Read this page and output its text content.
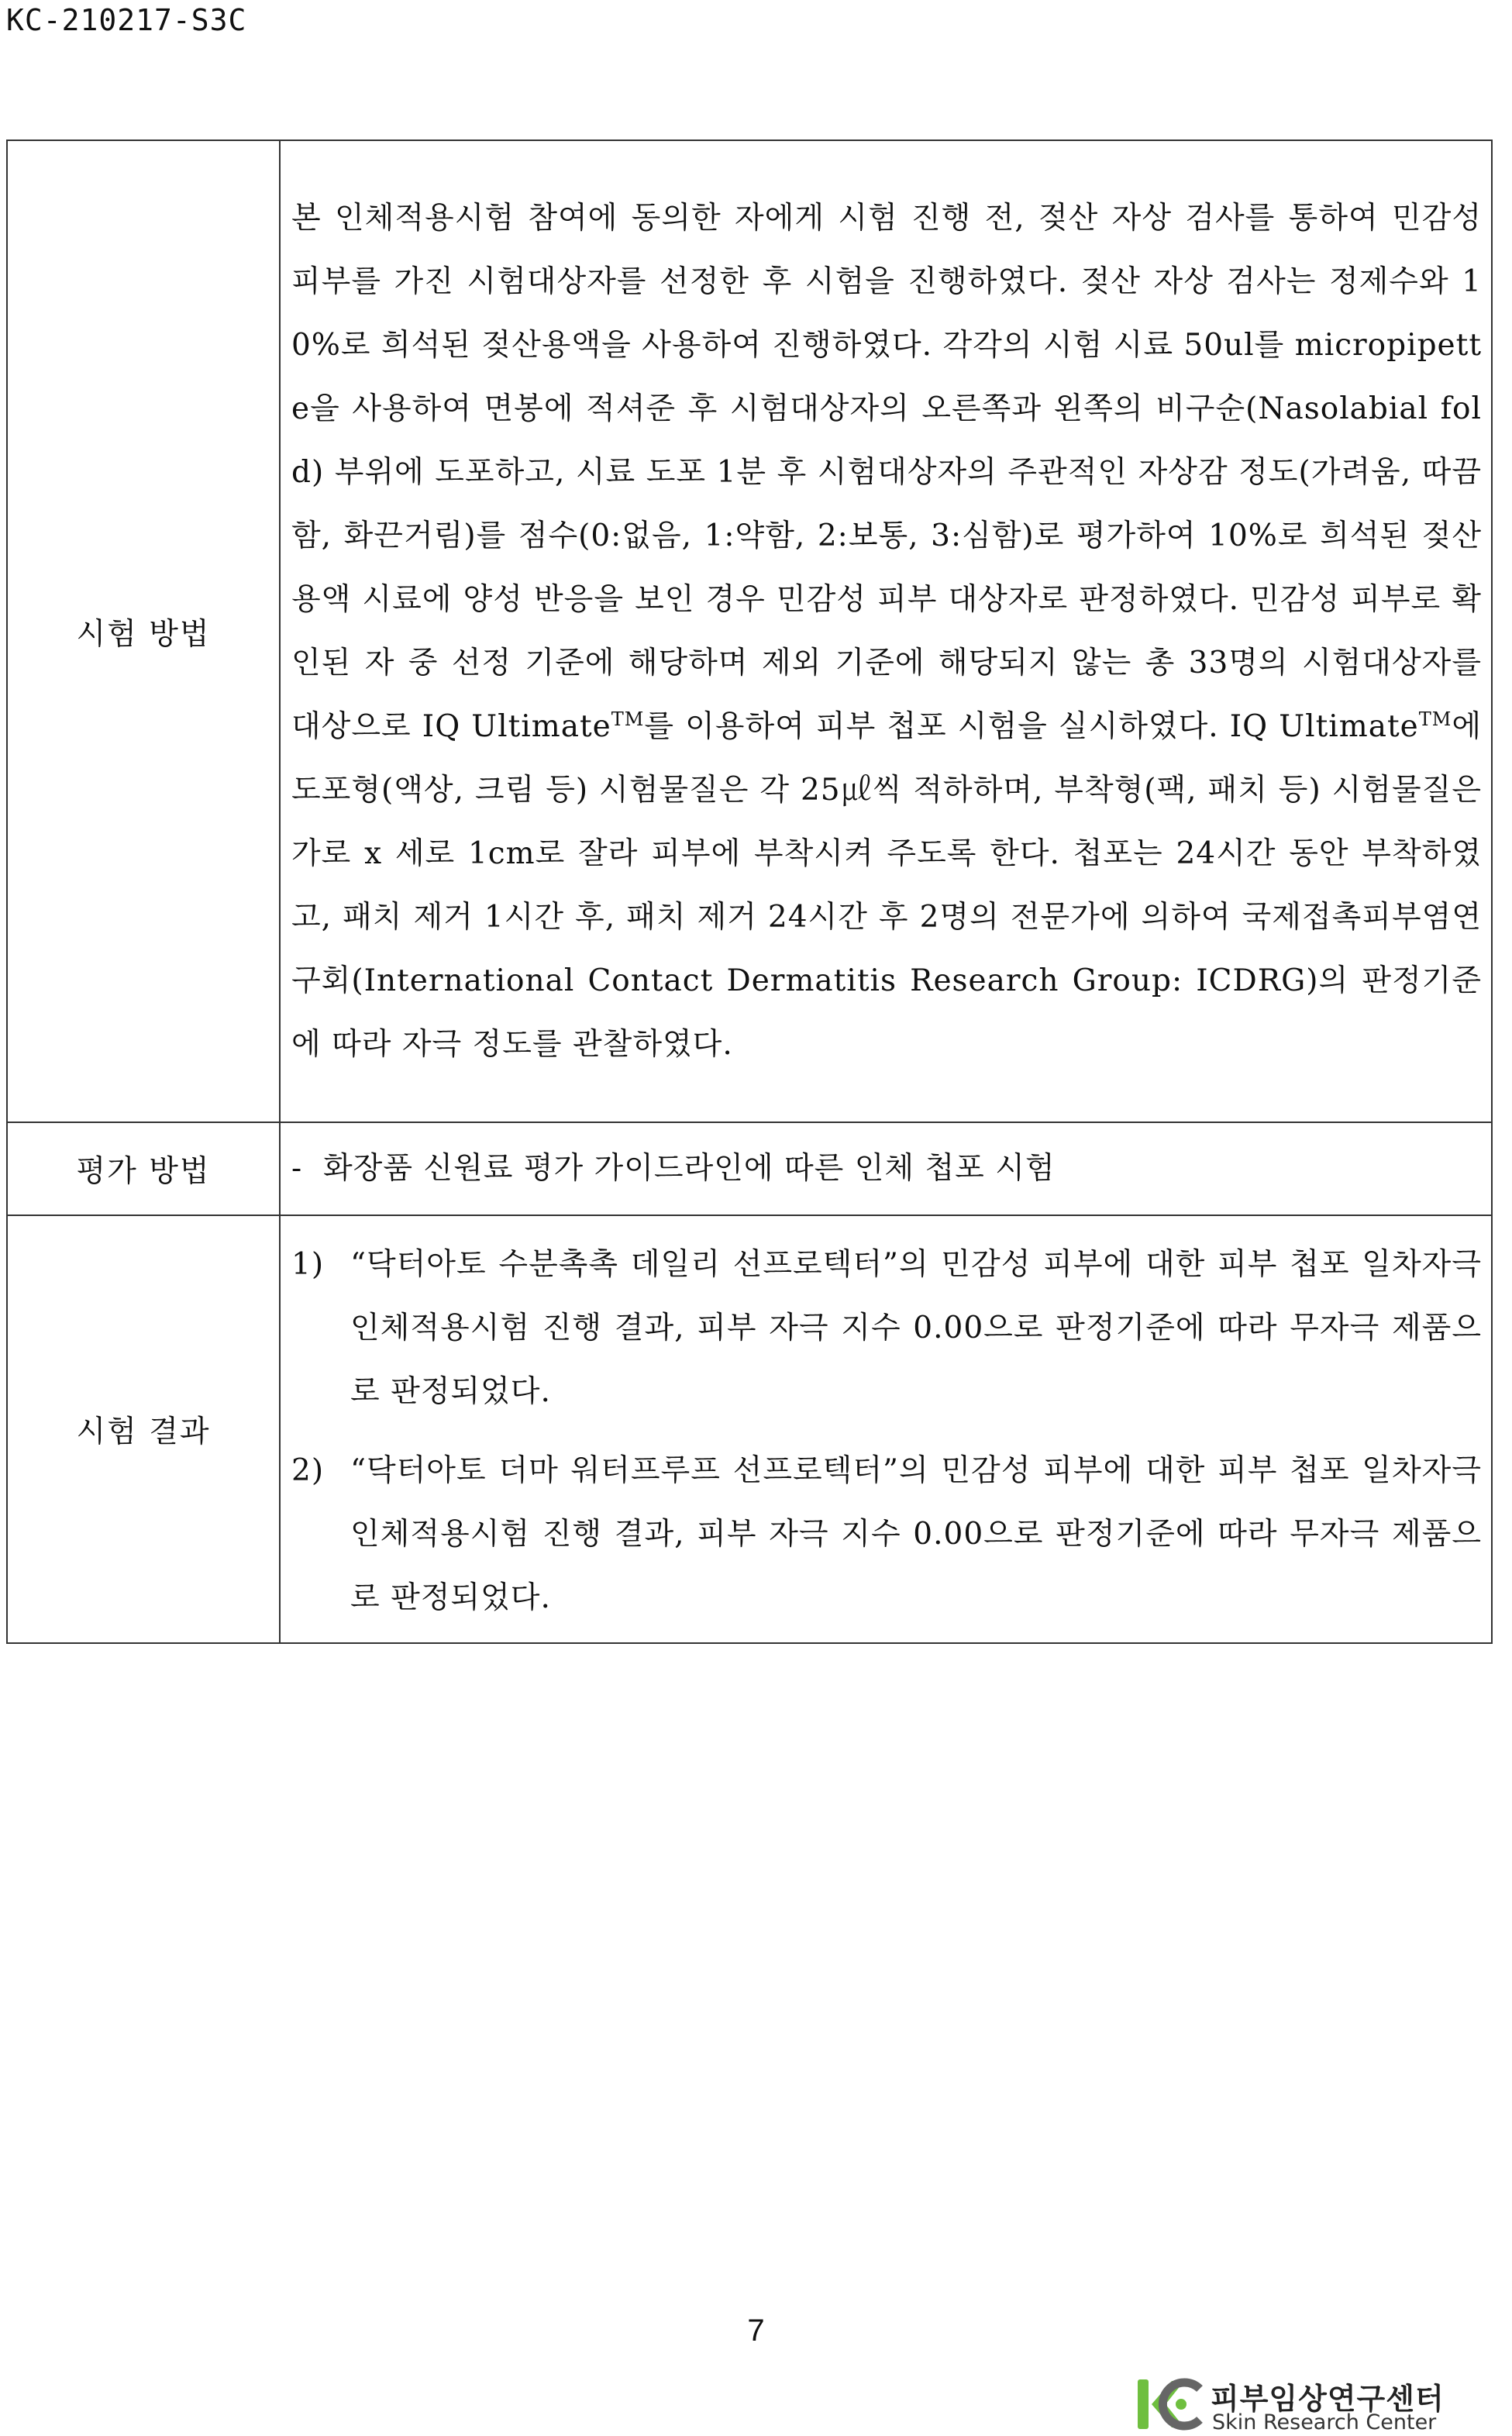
KC-210217-S3C
시험 방법	본 인체적용시험 참여에 동의한 자에게 시험 진행 전, 젖산 자상 검사를 통하여 민감성 피부를 가진 시험대상자를 선정한 후 시험을 진행하였다. 젖산 자상 검사는 정제수와 10%로 희석된 젖산용액을 사용하여 진행하였다. 각각의 시험 시료 50ul를 micropipette을 사용하여 면봉에 적셔준 후 시험대상자의 오른쪽과 왼쪽의 비구순(Nasolabial fold) 부위에 도포하고, 시료 도포 1분 후 시험대상자의 주관적인 자상감 정도(가려움, 따끔함, 화끈거림)를 점수(0:없음, 1:약함, 2:보통, 3:심함)로 평가하여 10%로 희석된 젖산 용액 시료에 양성 반응을 보인 경우 민감성 피부 대상자로 판정하였다. 민감성 피부로 확인된 자 중 선정 기준에 해당하며 제외 기준에 해당되지 않는 총 33명의 시험대상자를 대상으로 IQ Ultimate™를 이용하여 피부 첩포 시험을 실시하였다. IQ Ultimate™에 도포형(액상, 크림 등) 시험물질은 각 25㎕씩 적하하며, 부착형(팩, 패치 등) 시험물질은 가로 x 세로 1cm로 잘라 피부에 부착시켜 주도록 한다. 첩포는 24시간 동안 부착하였고, 패치 제거 1시간 후, 패치 제거 24시간 후 2명의 전문가에 의하여 국제접촉피부염연구회(International Contact Dermatitis Research Group: ICDRG)의 판정기준에 따라 자극 정도를 관찰하였다.
평가 방법	-  화장품 신원료 평가 가이드라인에 따른 인체 첩포 시험
시험 결과	1) “닥터아토 수분촉촉 데일리 선프로텍터”의 민감성 피부에 대한 피부 첩포 일차자극 인체적용시험 진행 결과, 피부 자극 지수 0.00으로 판정기준에 따라 무자극 제품으로 판정되었다.
2) “닥터아토 더마 워터프루프 선프로텍터”의 민감성 피부에 대한 피부 첩포 일차자극 인체적용시험 진행 결과, 피부 자극 지수 0.00으로 판정기준에 따라 무자극 제품으로 판정되었다.
7
피부임상연구센터
Skin Research Center
